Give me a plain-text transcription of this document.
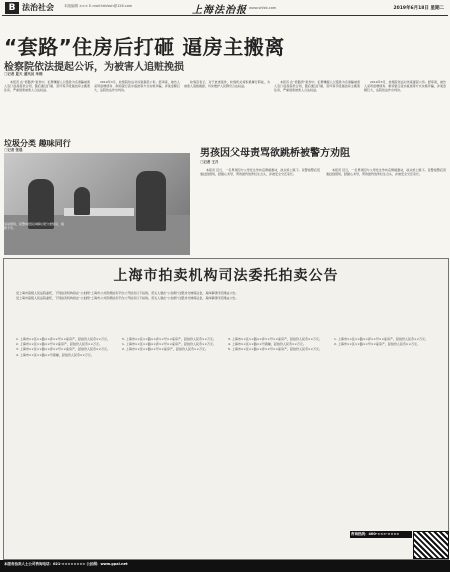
B 法治社会	本版编辑 ××× E-mail:fzbfzsh@126.com	上海法治报 www.shfzb.com	2019年6月18日 星期二
“套路”住房后打砸 逼房主搬离
检察院依法提起公诉，为被害人追赃挽损
□记者 夏天 通讯员 朱晓

本报讯 在“套路贷”案件中，犯罪嫌疑人以借款为名诱骗被害人签订虚高借款合同，随后通过打砸、恐吓等手段逼迫房主搬离住房，严重侵害被害人合法权益。

2019年3月，检察院依法对该案提起公诉。经审查，被告人采用虚增债务、制造银行流水痕迹等方式实施诈骗，涉案金额巨大，法院依法作出判决。

检察官表示，对于此类案件，检察机关将积极履行职能，为被害人追赃挽损，切实维护人民群众合法权益。

本报讯 在“套路贷”案件中，犯罪嫌疑人以借款为名诱骗被害人签订虚高借款合同，随后通过打砸、恐吓等手段逼迫房主搬离住房，严重侵害被害人合法权益。

2019年3月，检察院依法对该案提起公诉。经审查，被告人采用虚增债务、制造银行流水痕迹等方式实施诈骗，涉案金额巨大，法院依法作出判决。

垃圾分类 趣味同行
□记者 张晨
活动现场，民警向居民讲解垃圾分类知识，寓教于乐。
男孩因父母责骂欲跳桥被警方劝阻
□记者 王月

本报讯 近日，一名男孩因与父母发生争执后情绪激动，欲从桥上跳下。民警接警后迅速赶到现场，经耐心劝导，男孩最终放弃轻生念头，并被安全交还家长。

本报讯 近日，一名男孩因与父母发生争执后情绪激动，欲从桥上跳下。民警接警后迅速赶到现场，经耐心劝导，男孩最终放弃轻生念头，并被安全交还家长。

上海市拍卖机构司法委托拍卖公告

受上海市高级人民法院委托，下列拍卖机构将在“公拍网”上海市公共资源拍卖平台公开拍卖以下标的。竞买人须在“公拍网”注册并交纳保证金，具体事项详见网站公告。

受上海市高级人民法院委托，下列拍卖机构将在“公拍网”上海市公共资源拍卖平台公开拍卖以下标的。竞买人须在“公拍网”注册并交纳保证金，具体事项详见网站公告。

1. 上海市××区××路××弄××号××室房产，起拍价人民币××万元。

2. 上海市××区××路××号××室房产，起拍价人民币××万元。

3. 上海市××区××路××弄××号××室房产，起拍价人民币××万元。

4. 上海市××区××路××号商铺，起拍价人民币××万元。

5. 上海市××区××路××弄××号××室房产，起拍价人民币××万元。

1. 上海市××区××路××弄××号××室房产，起拍价人民币××万元。

2. 上海市××区××路××号××室房产，起拍价人民币××万元。

3. 上海市××区××路××弄××号××室房产，起拍价人民币××万元。

4. 上海市××区××路××号商铺，起拍价人民币××万元。

5. 上海市××区××路××弄××号××室房产，起拍价人民币××万元。

1. 上海市××区××路××弄××号××室房产，起拍价人民币××万元。

2. 上海市××区××路××号××室房产，起拍价人民币××万元。

咨询热线：400-×××-××××
本版各拍卖人士公司咨询电话：021-×××××××× 公拍网：www.gpai.net
